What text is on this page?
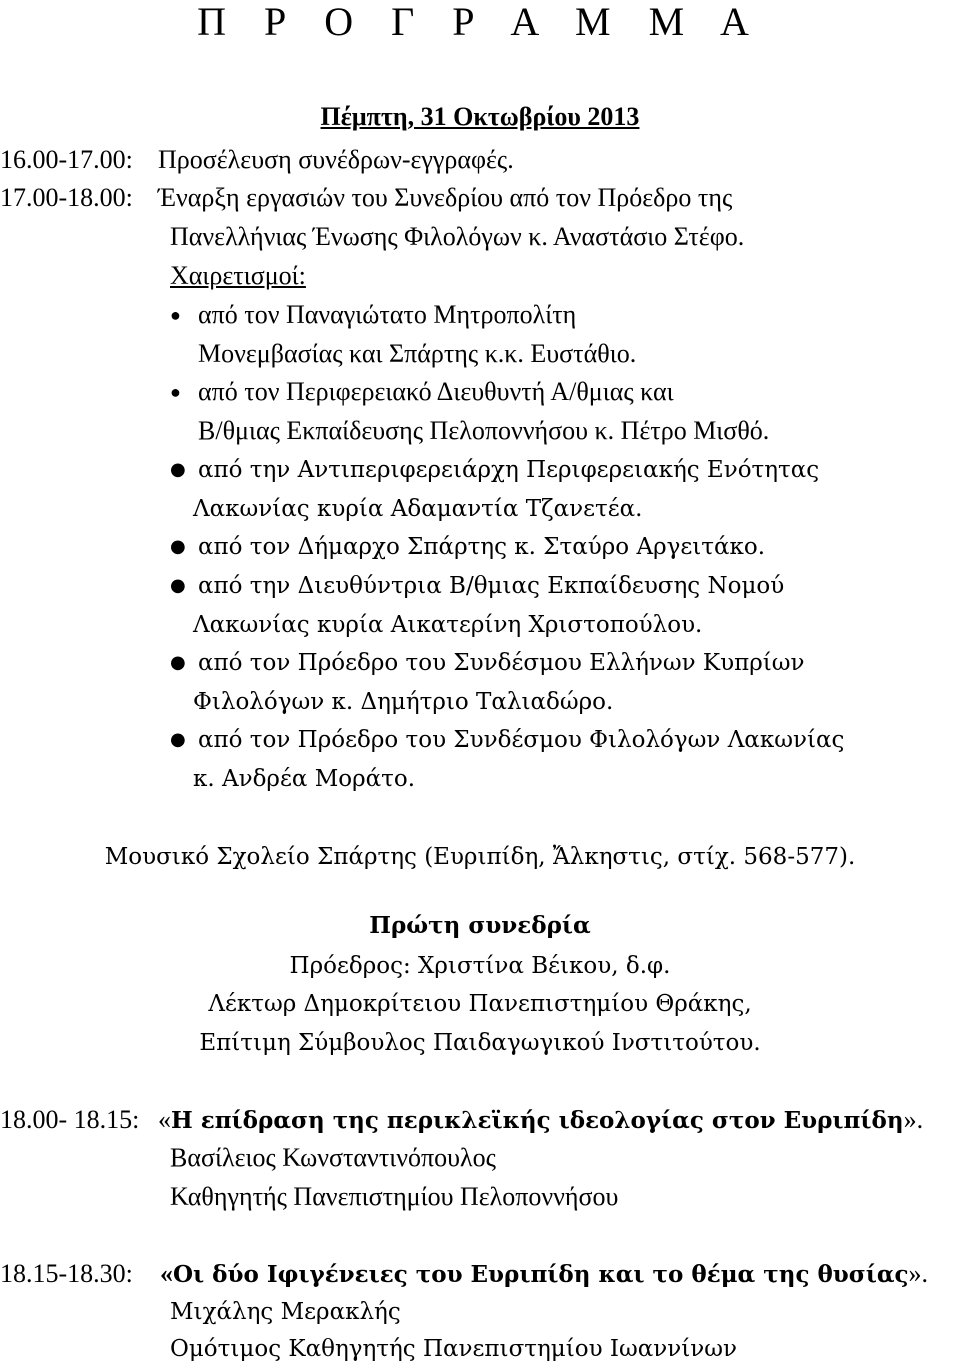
Π Ρ Ο Γ Ρ Α Μ Μ Α
Πέμπτη, 31 Οκτωβρίου 2013
16.00-17.00: Προσέλευση συνέδρων-εγγραφές.
17.00-18.00: Έναρξη εργασιών του Συνεδρίου από τον Πρόεδρο της
Πανελλήνιας Ένωσης Φιλολόγων κ. Αναστάσιο Στέφο.
Χαιρετισμοί:
● από τον Παναγιώτατο Μητροπολίτη
Μονεμβασίας και Σπάρτης κ.κ. Ευστάθιο.
● από τον Περιφερειακό Διευθυντή Α/θμιας και
Β/θμιας Εκπαίδευσης Πελοποννήσου κ. Πέτρο Μισθό.
● από την Αντιπεριφερειάρχη Περιφερειακής Ενότητας
Λακωνίας κυρία Αδαμαντία Τζανετέα.
● από τον Δήμαρχο Σπάρτης κ. Σταύρο Αργειτάκο.
● από την Διευθύντρια Β/θμιας Εκπαίδευσης Νομού
Λακωνίας κυρία Αικατερίνη Χριστοπούλου.
● από τον Πρόεδρο του Συνδέσμου Ελλήνων Κυπρίων
Φιλολόγων κ. Δημήτριο Ταλιαδώρο.
● από τον Πρόεδρο του Συνδέσμου Φιλολόγων Λακωνίας
κ. Ανδρέα Μοράτο.
Μουσικό Σχολείο Σπάρτης (Ευριπίδη, Ἄλκηστις, στίχ. 568-577).
Πρώτη συνεδρία
Πρόεδρος: Χριστίνα Βέικου, δ.φ.
Λέκτωρ Δημοκρίτειου Πανεπιστημίου Θράκης,
Επίτιμη Σύμβουλος Παιδαγωγικού Ινστιτούτου.
18.00- 18.15: «Η επίδραση της περικλεϊκής ιδεολογίας στον Ευριπίδη».
Βασίλειος Κωνσταντινόπουλος
Καθηγητής Πανεπιστημίου Πελοποννήσου
18.15-18.30: «Οι δύο Ιφιγένειες του Ευριπίδη και το θέμα της θυσίας».
Μιχάλης Μερακλής
Ομότιμος Καθηγητής Πανεπιστημίου Ιωαννίνων
